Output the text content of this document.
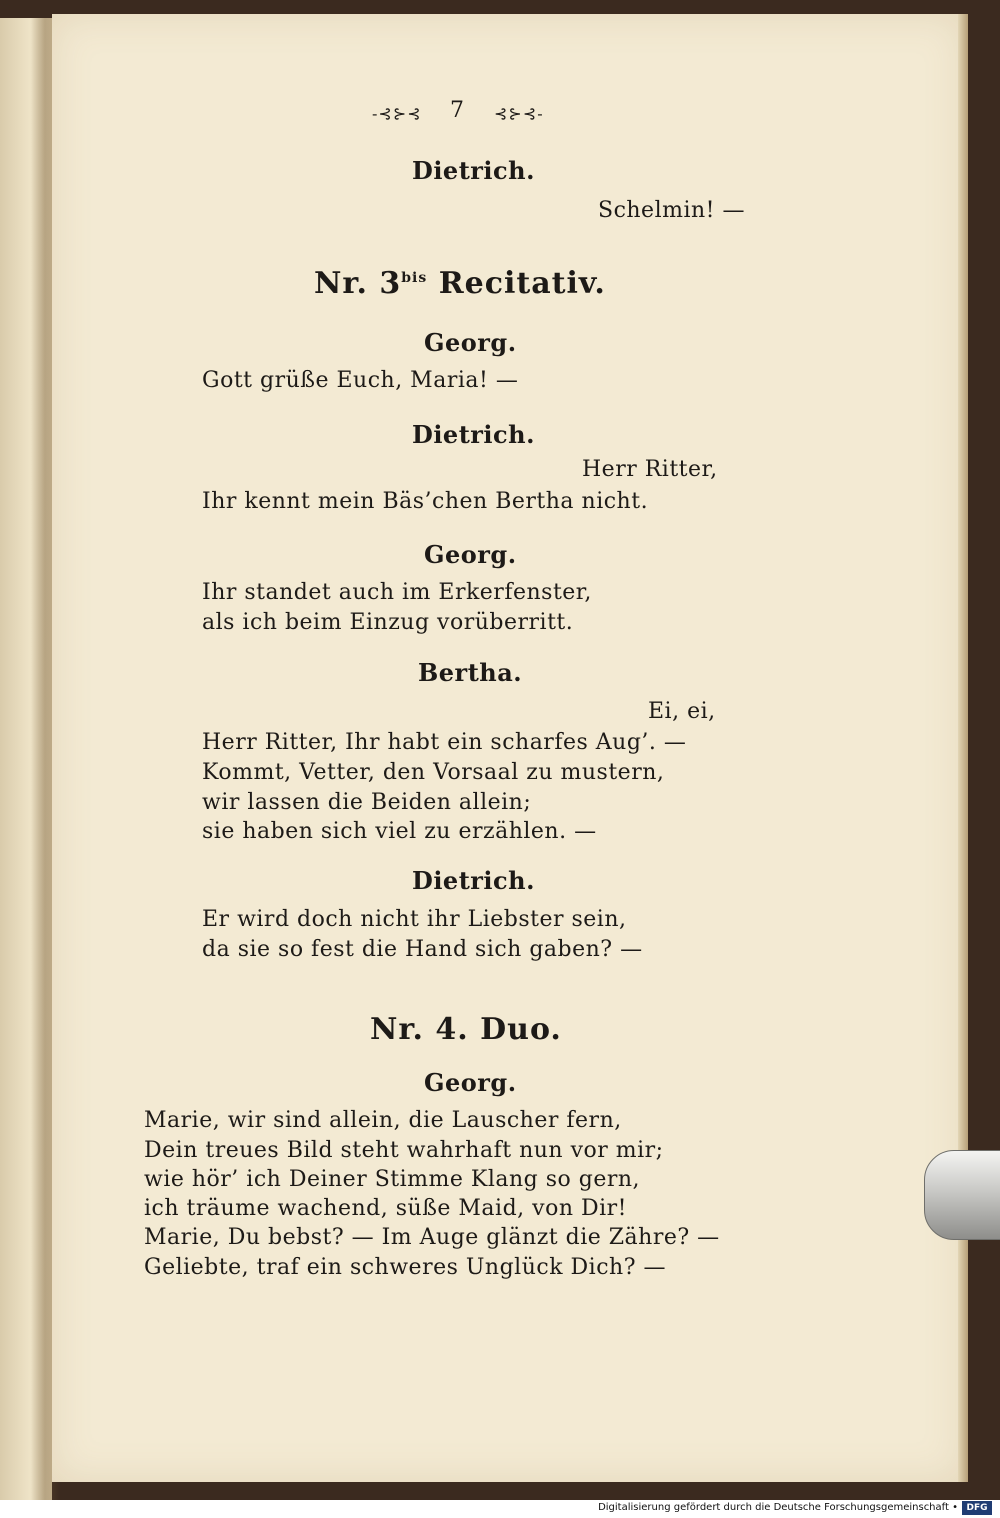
-⊰⊱⊰ 7 ⊰⊱⊰-
Dietrich.
Schelmin! —
Nr. $3^{bis}$ Recitativ.
Georg.
Gott grüße Euch, Maria! —
Dietrich.
Herr Ritter,
Ihr kennt mein Bäs’chen Bertha nicht.
Georg.
Ihr standet auch im Erkerfenster,
als ich beim Einzug vorüberritt.
Bertha.
Ei, ei,
Herr Ritter, Ihr habt ein scharfes Aug’. —
Kommt, Vetter, den Vorsaal zu mustern,
wir lassen die Beiden allein;
sie haben sich viel zu erzählen. —
Dietrich.
Er wird doch nicht ihr Liebster sein,
da sie so fest die Hand sich gaben? —
Nr. 4. Duo.
Georg.
Marie, wir sind allein, die Lauscher fern,
Dein treues Bild steht wahrhaft nun vor mir;
wie hör’ ich Deiner Stimme Klang so gern,
ich träume wachend, süße Maid, von Dir!
Marie, Du bebst? — Im Auge glänzt die Zähre? —
Geliebte, traf ein schweres Unglück Dich? —
Digitalisierung gefördert durch die Deutsche Forschungsgemeinschaft • DFG
